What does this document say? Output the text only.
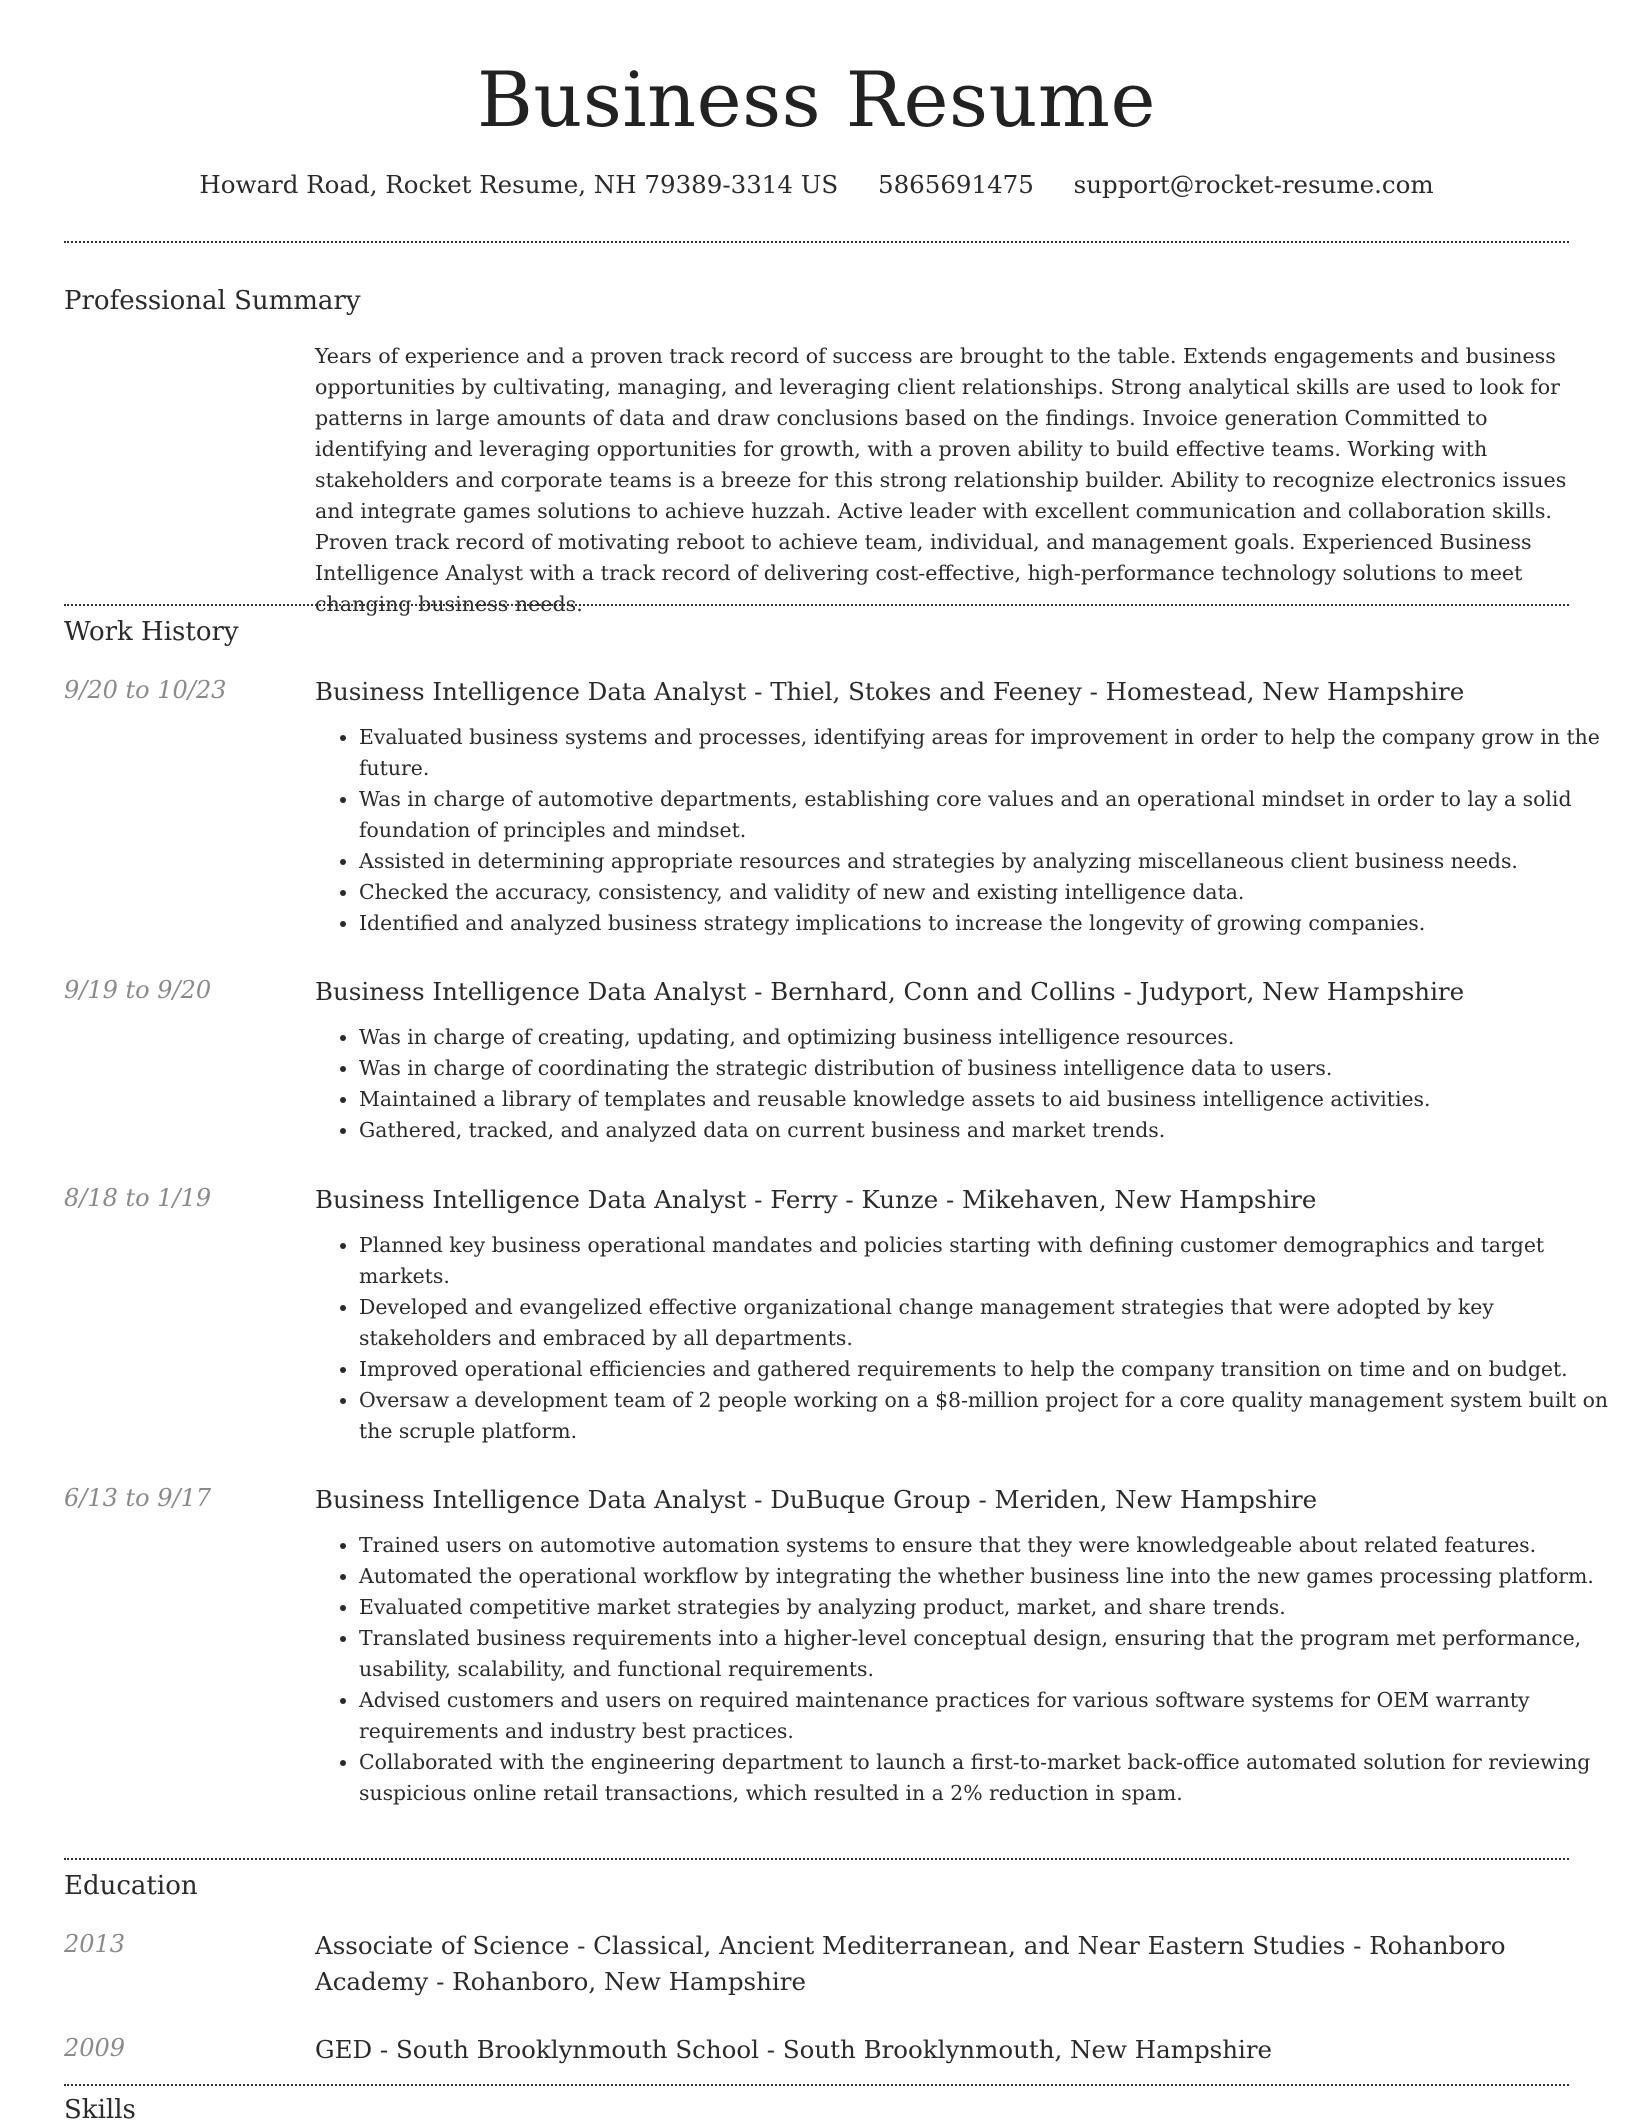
Business Resume
Howard Road, Rocket Resume, NH 79389-3314 US 5865691475 support@rocket-resume.com
Professional Summary

Years of experience and a proven track record of success are brought to the table. Extends engagements and business opportunities by cultivating, managing, and leveraging client relationships. Strong analytical skills are used to look for patterns in large amounts of data and draw conclusions based on the findings. Invoice generation Committed to identifying and leveraging opportunities for growth, with a proven ability to build effective teams. Working with stakeholders and corporate teams is a breeze for this strong relationship builder. Ability to recognize electronics issues and integrate games solutions to achieve huzzah. Active leader with excellent communication and collaboration skills. Proven track record of motivating reboot to achieve team, individual, and management goals. Experienced Business Intelligence Analyst with a track record of delivering cost-effective, high-performance technology solutions to meet changing business needs.

Work History
9/20 to 10/23	Business Intelligence Data Analyst - Thiel, Stokes and Feeney - Homestead, New Hampshire
• Evaluated business systems and processes, identifying areas for improvement in order to help the company grow in the future.
• Was in charge of automotive departments, establishing core values and an operational mindset in order to lay a solid foundation of principles and mindset.
• Assisted in determining appropriate resources and strategies by analyzing miscellaneous client business needs.
• Checked the accuracy, consistency, and validity of new and existing intelligence data.
• Identified and analyzed business strategy implications to increase the longevity of growing companies.
9/19 to 9/20	Business Intelligence Data Analyst - Bernhard, Conn and Collins - Judyport, New Hampshire
• Was in charge of creating, updating, and optimizing business intelligence resources.
• Was in charge of coordinating the strategic distribution of business intelligence data to users.
• Maintained a library of templates and reusable knowledge assets to aid business intelligence activities.
• Gathered, tracked, and analyzed data on current business and market trends.
8/18 to 1/19	Business Intelligence Data Analyst - Ferry - Kunze - Mikehaven, New Hampshire
• Planned key business operational mandates and policies starting with defining customer demographics and target markets.
• Developed and evangelized effective organizational change management strategies that were adopted by key stakeholders and embraced by all departments.
• Improved operational efficiencies and gathered requirements to help the company transition on time and on budget.
• Oversaw a development team of 2 people working on a $8-million project for a core quality management system built on the scruple platform.
6/13 to 9/17	Business Intelligence Data Analyst - DuBuque Group - Meriden, New Hampshire
• Trained users on automotive automation systems to ensure that they were knowledgeable about related features.
• Automated the operational workflow by integrating the whether business line into the new games processing platform.
• Evaluated competitive market strategies by analyzing product, market, and share trends.
• Translated business requirements into a higher-level conceptual design, ensuring that the program met performance, usability, scalability, and functional requirements.
• Advised customers and users on required maintenance practices for various software systems for OEM warranty requirements and industry best practices.
• Collaborated with the engineering department to launch a first-to-market back-office automated solution for reviewing suspicious online retail transactions, which resulted in a 2% reduction in spam.
Education
2013	Associate of Science - Classical, Ancient Mediterranean, and Near Eastern Studies - Rohanboro Academy - Rohanboro, New Hampshire
2009	GED - South Brooklynmouth School - South Brooklynmouth, New Hampshire
Skills
